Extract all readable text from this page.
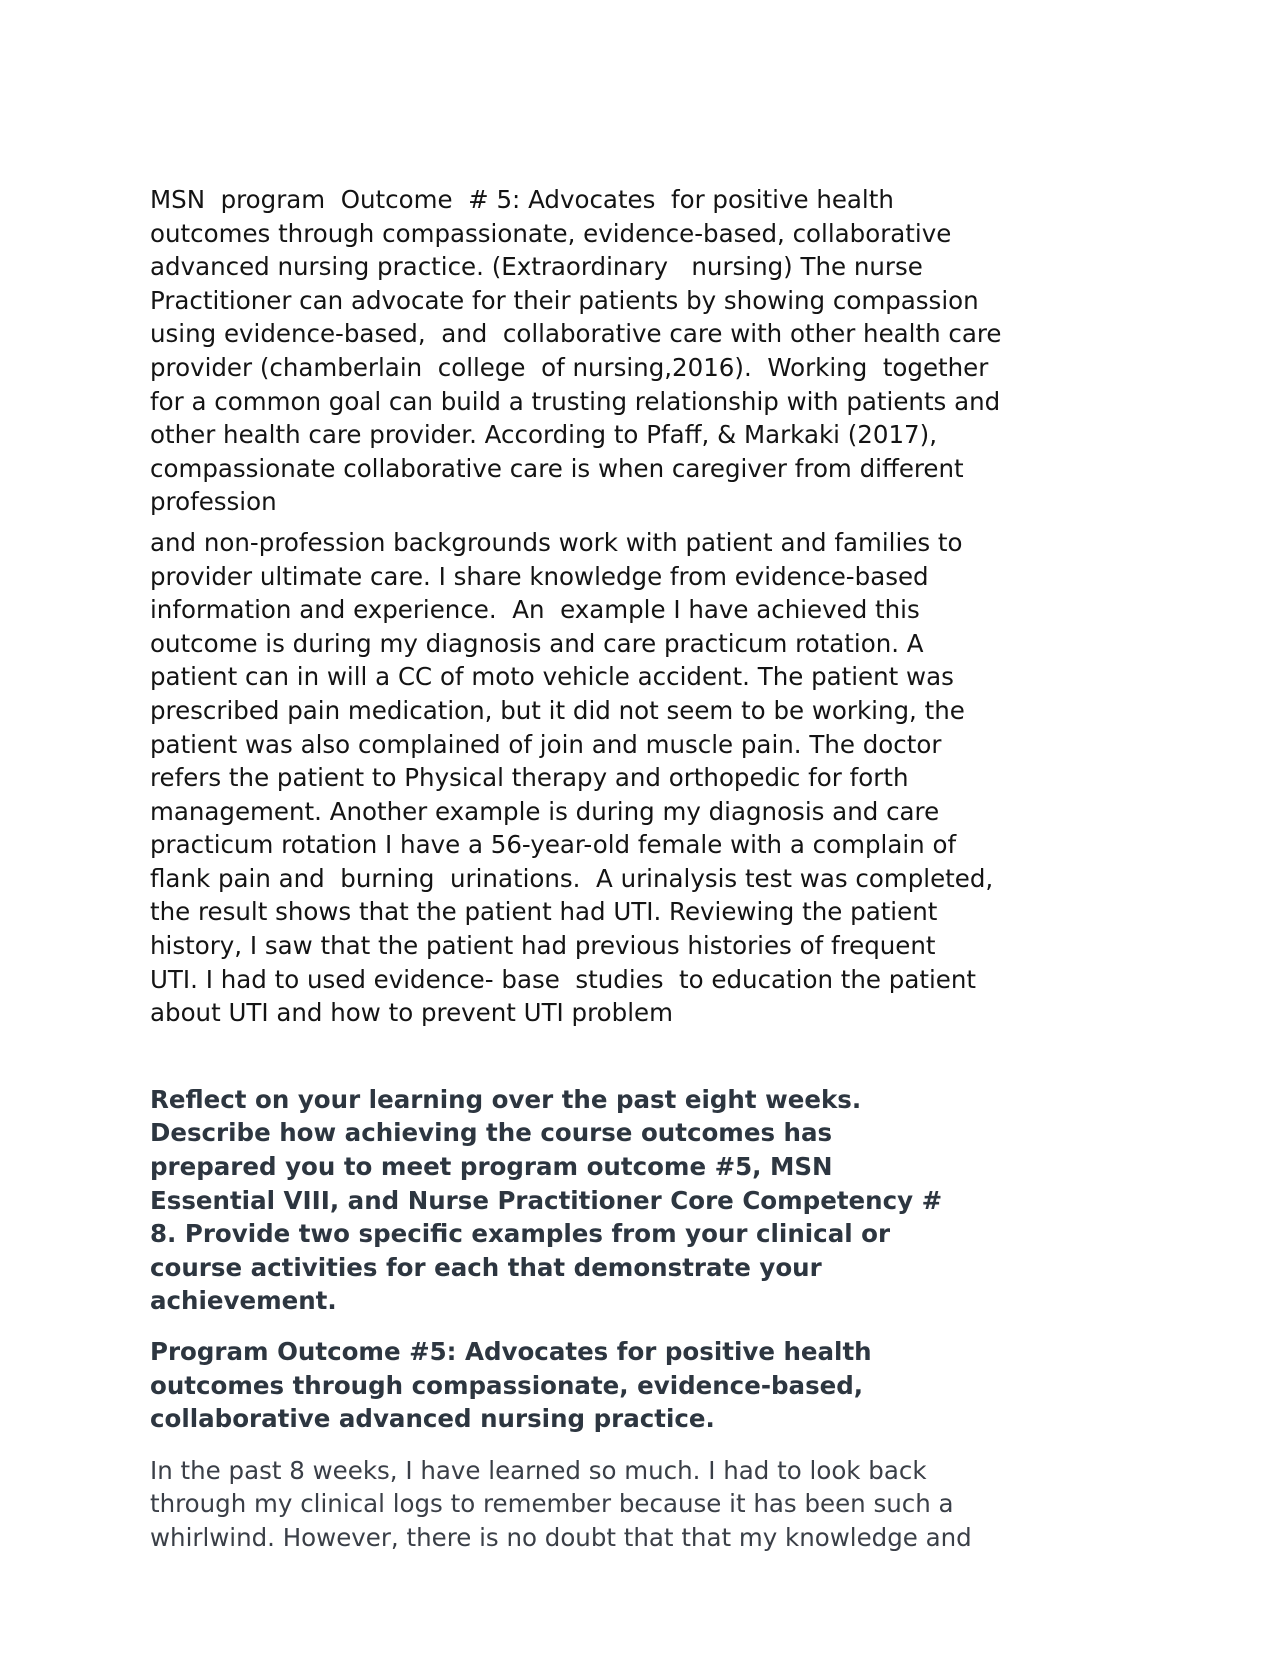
MSN  program  Outcome  # 5: Advocates  for positive health
outcomes through compassionate, evidence-based, collaborative
advanced nursing practice. (Extraordinary   nursing) The nurse
Practitioner can advocate for their patients by showing compassion
using evidence-based,  and  collaborative care with other health care
provider (chamberlain  college  of nursing,2016).  Working  together
for a common goal can build a trusting relationship with patients and
other health care provider. According to Pfaff, & Markaki (2017),
compassionate collaborative care is when caregiver from different
profession
and non-profession backgrounds work with patient and families to
provider ultimate care. I share knowledge from evidence-based
information and experience.  An  example I have achieved this
outcome is during my diagnosis and care practicum rotation. A
patient can in will a CC of moto vehicle accident. The patient was
prescribed pain medication, but it did not seem to be working, the
patient was also complained of join and muscle pain. The doctor
refers the patient to Physical therapy and orthopedic for forth
management. Another example is during my diagnosis and care
practicum rotation I have a 56-year-old female with a complain of
flank pain and  burning  urinations.  A urinalysis test was completed,
the result shows that the patient had UTI. Reviewing the patient
history, I saw that the patient had previous histories of frequent
UTI. I had to used evidence- base  studies  to education the patient
about UTI and how to prevent UTI problem
Reflect on your learning over the past eight weeks.
Describe how achieving the course outcomes has
prepared you to meet program outcome #5, MSN
Essential VIII, and Nurse Practitioner Core Competency #
8. Provide two specific examples from your clinical or
course activities for each that demonstrate your
achievement.
Program Outcome #5: Advocates for positive health
outcomes through compassionate, evidence-based,
collaborative advanced nursing practice.
In the past 8 weeks, I have learned so much. I had to look back
through my clinical logs to remember because it has been such a
whirlwind. However, there is no doubt that that my knowledge and
